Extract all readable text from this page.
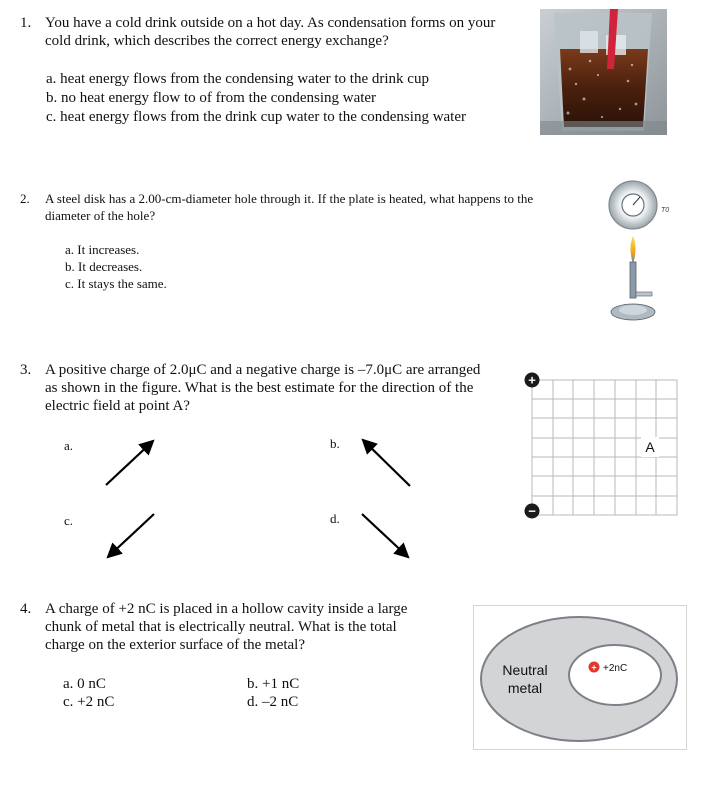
1. You have a cold drink outside on a hot day. As condensation forms on your
cold drink, which describes the correct energy exchange?
a. heat energy flows from the condensing water to the drink cup
b. no heat energy flow to of from the condensing water
c. heat energy flows from the drink cup water to the condensing water
2. A steel disk has a 2.00-cm-diameter hole through it. If the plate is heated, what happens to the
diameter of the hole?
a. It increases.
b. It decreases.
c. It stays the same.
T0
3. A positive charge of 2.0μC and a negative charge is –7.0μC are arranged
as shown in the figure. What is the best estimate for the direction of the
electric field at point A?
a.	b.
c.	d.
+
−
A
4. A charge of +2 nC is placed in a hollow cavity inside a large
chunk of metal that is electrically neutral. What is the total
charge on the exterior surface of the metal?
a. 0 nC	b. +1 nC
c. +2 nC	d. –2 nC
Neutral
metal
+ +2nC
